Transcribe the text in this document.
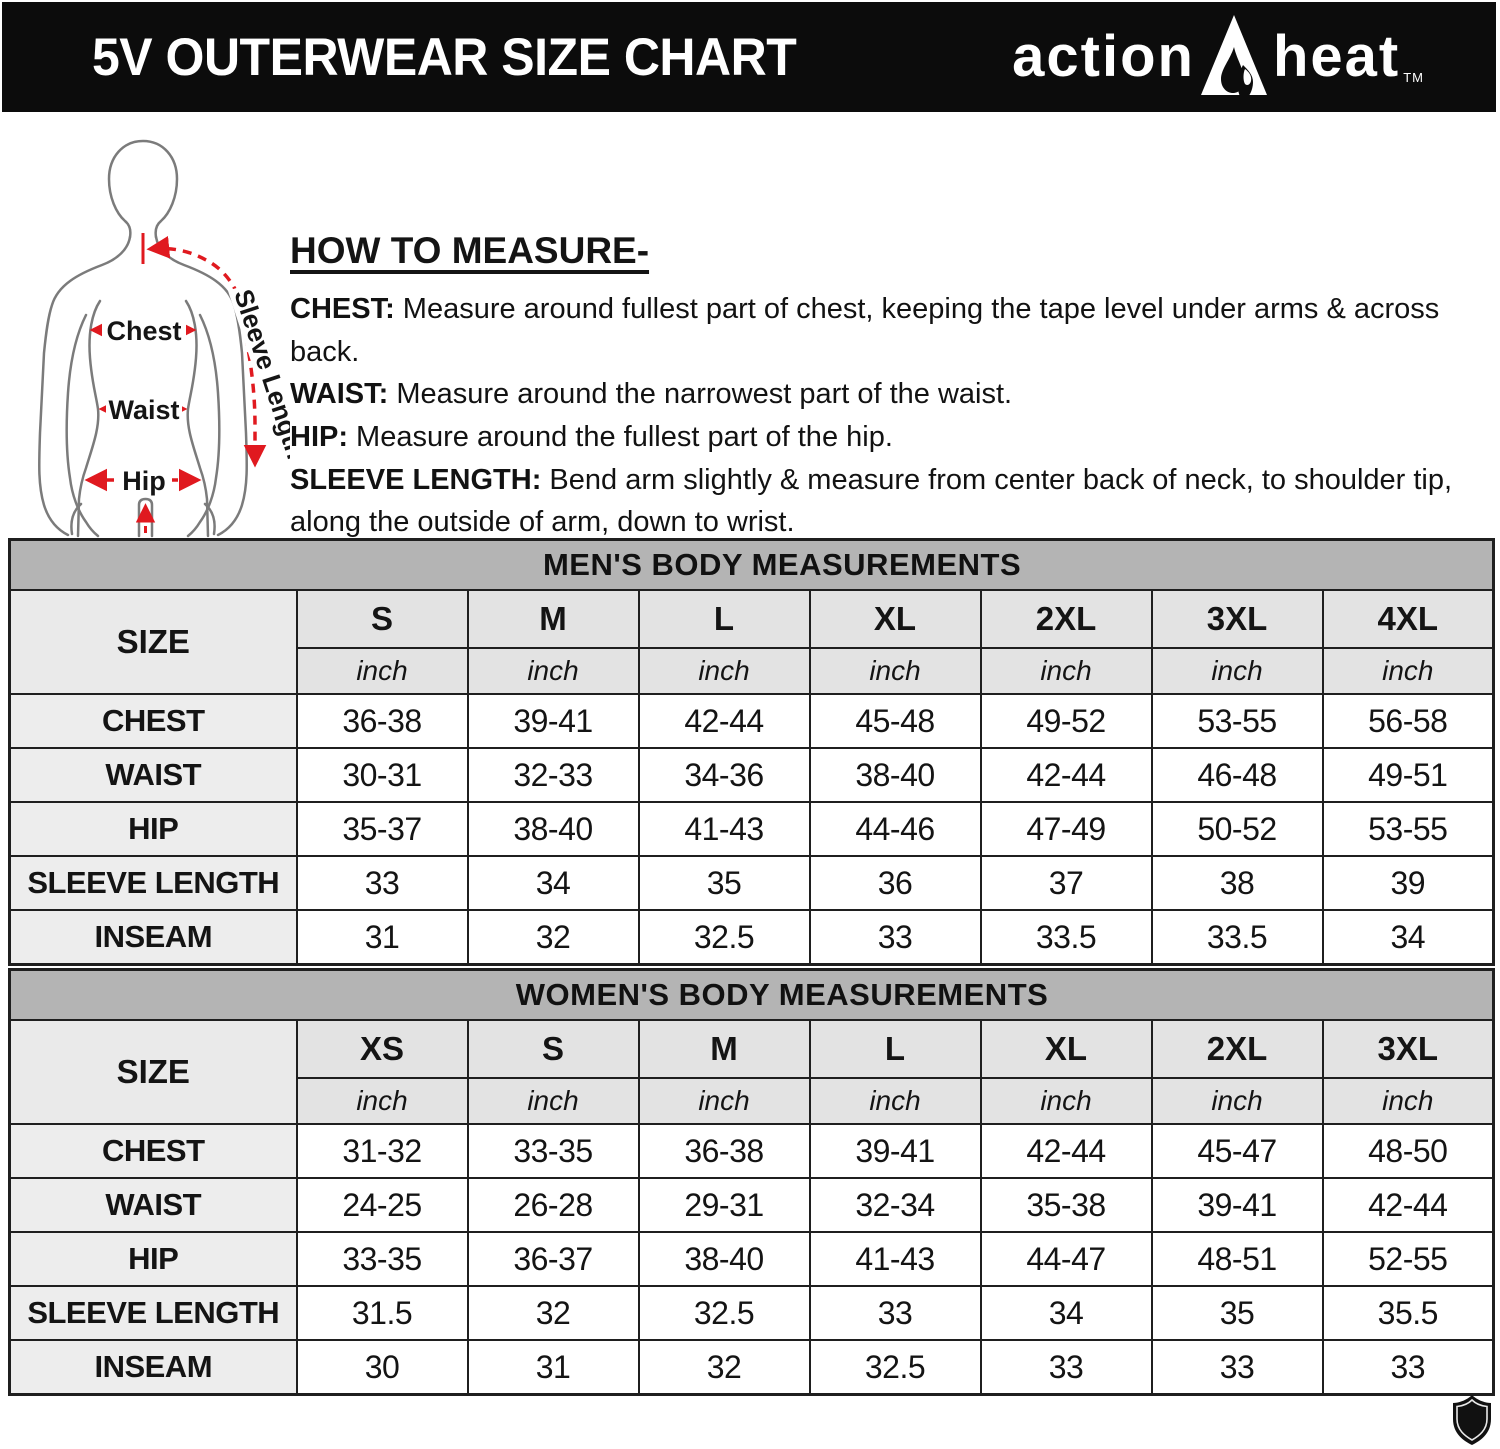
5V OUTERWEAR SIZE CHART	action heat TM
Chest
Waist
Hip
Sleeve Length
HOW TO MEASURE-

CHEST: Measure around fullest part of chest, keeping the tape level under arms & across back.

WAIST: Measure around the narrowest part of the waist.

HIP: Measure around the fullest part of the hip.

SLEEVE LENGTH: Bend arm slightly & measure from center back of neck, to shoulder tip, along the outside of arm, down to wrist.

MEN'S BODY MEASUREMENTS							
SIZE	S	M	L	XL	2XL	3XL	4XL
	inch	inch	inch	inch	inch	inch	inch
CHEST	36-38	39-41	42-44	45-48	49-52	53-55	56-58
WAIST	30-31	32-33	34-36	38-40	42-44	46-48	49-51
HIP	35-37	38-40	41-43	44-46	47-49	50-52	53-55
SLEEVE LENGTH	33	34	35	36	37	38	39
INSEAM	31	32	32.5	33	33.5	33.5	34
WOMEN'S BODY MEASUREMENTS							
SIZE	XS	S	M	L	XL	2XL	3XL
	inch	inch	inch	inch	inch	inch	inch
CHEST	31-32	33-35	36-38	39-41	42-44	45-47	48-50
WAIST	24-25	26-28	29-31	32-34	35-38	39-41	42-44
HIP	33-35	36-37	38-40	41-43	44-47	48-51	52-55
SLEEVE LENGTH	31.5	32	32.5	33	34	35	35.5
INSEAM	30	31	32	32.5	33	33	33
